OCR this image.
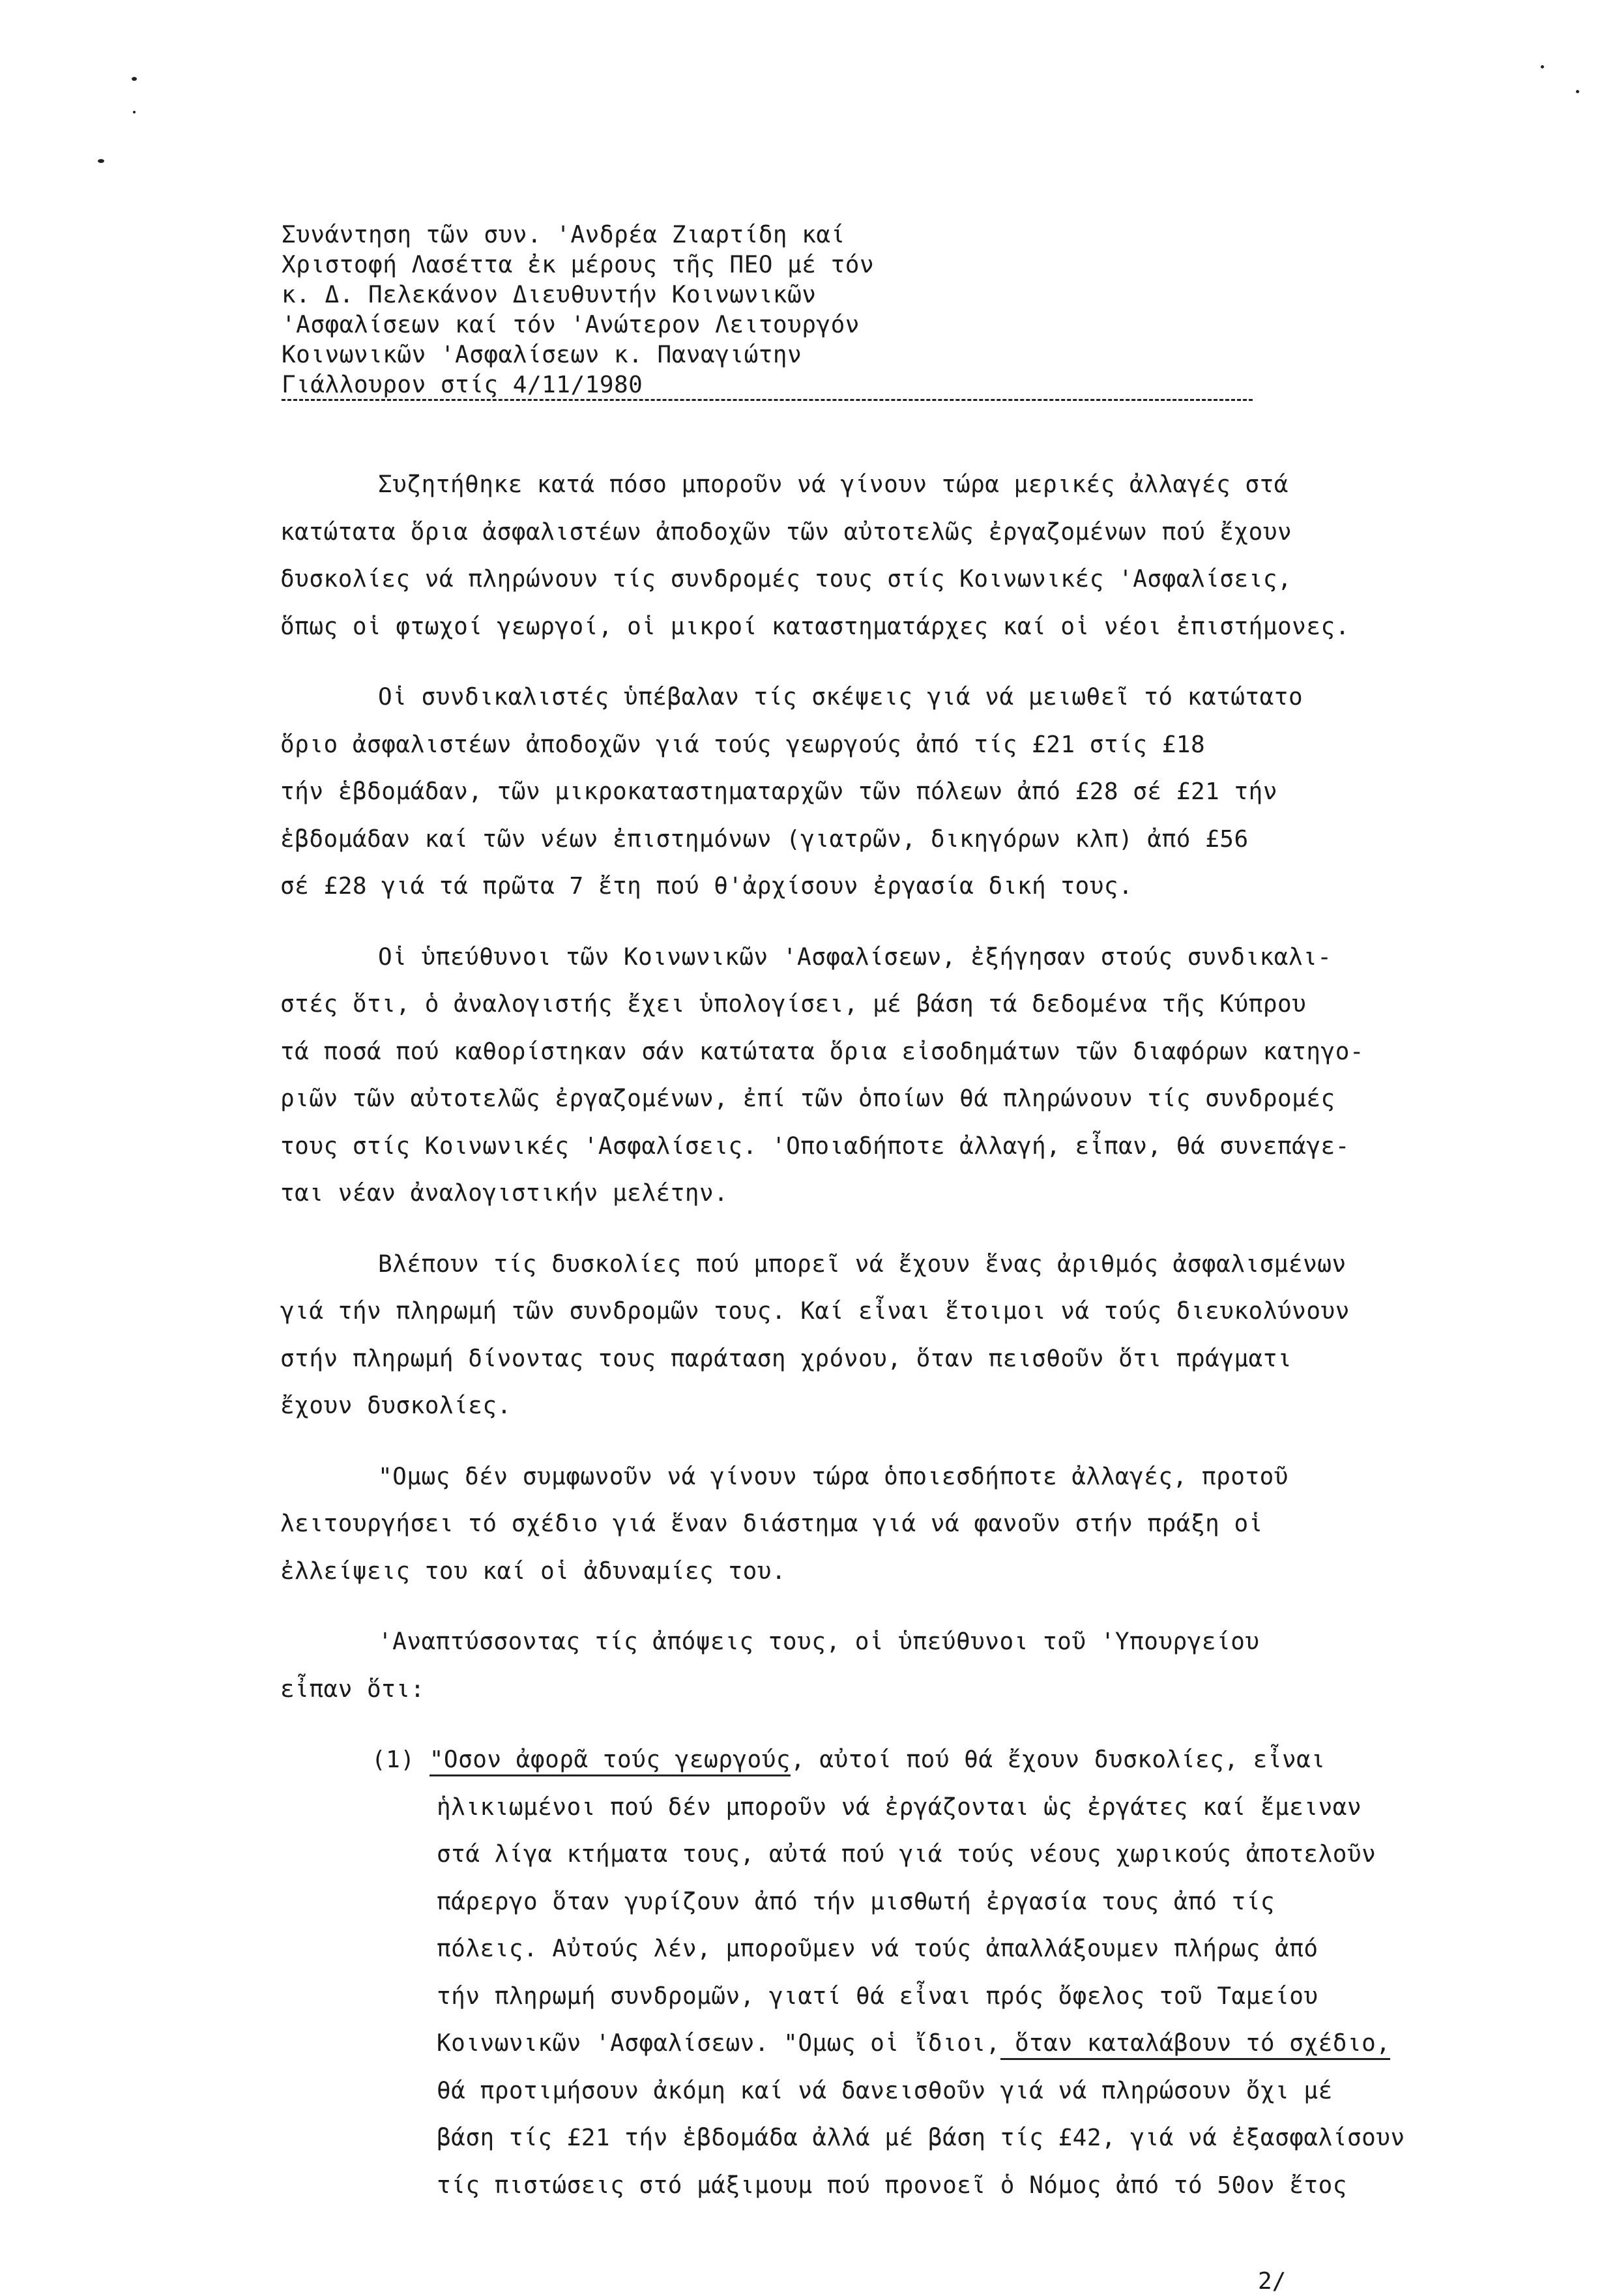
Συνάντηση τῶν συν. 'Ανδρέα Ζιαρτίδη καί
Χριστοφή Λασέττα ἐκ μέρους τῆς ΠΕΟ μέ τόν
κ. Δ. Πελεκάνον Διευθυντήν Κοινωνικῶν
'Ασφαλίσεων καί τόν 'Ανώτερον Λειτουργόν
Κοινωνικῶν 'Ασφαλίσεων κ. Παναγιώτην
Γιάλλουρον στίς 4/11/1980
Συζητήθηκε κατά πόσο μποροῦν νά γίνουν τώρα μερικές ἀλλαγές στά
κατώτατα ὅρια ἀσφαλιστέων ἀποδοχῶν τῶν αὐτοτελῶς ἐργαζομένων πού ἔχουν
δυσκολίες νά πληρώνουν τίς συνδρομές τους στίς Κοινωνικές 'Ασφαλίσεις,
ὅπως οἱ φτωχοί γεωργοί, οἱ μικροί καταστηματάρχες καί οἱ νέοι ἐπιστήμονες.
Οἱ συνδικαλιστές ὑπέβαλαν τίς σκέψεις γιά νά μειωθεῖ τό κατώτατο
ὅριο ἀσφαλιστέων ἀποδοχῶν γιά τούς γεωργούς ἀπό τίς £21 στίς £18
τήν ἑβδομάδαν, τῶν μικροκαταστηματαρχῶν τῶν πόλεων ἀπό £28 σέ £21 τήν
ἑβδομάδαν καί τῶν νέων ἐπιστημόνων (γιατρῶν, δικηγόρων κλπ) ἀπό £56
σέ £28 γιά τά πρῶτα 7 ἔτη πού θ'ἀρχίσουν ἐργασία δική τους.
Οἱ ὑπεύθυνοι τῶν Κοινωνικῶν 'Ασφαλίσεων, ἐξήγησαν στούς συνδικαλι-
στές ὅτι, ὁ ἀναλογιστής ἔχει ὑπολογίσει, μέ βάση τά δεδομένα τῆς Κύπρου
τά ποσά πού καθορίστηκαν σάν κατώτατα ὅρια εἰσοδημάτων τῶν διαφόρων κατηγο-
ριῶν τῶν αὐτοτελῶς ἐργαζομένων, ἐπί τῶν ὁποίων θά πληρώνουν τίς συνδρομές
τους στίς Κοινωνικές 'Ασφαλίσεις. 'Οποιαδήποτε ἀλλαγή, εἶπαν, θά συνεπάγε-
ται νέαν ἀναλογιστικήν μελέτην.
Βλέπουν τίς δυσκολίες πού μπορεῖ νά ἔχουν ἕνας ἀριθμός ἀσφαλισμένων
γιά τήν πληρωμή τῶν συνδρομῶν τους. Καί εἶναι ἕτοιμοι νά τούς διευκολύνουν
στήν πληρωμή δίνοντας τους παράταση χρόνου, ὅταν πεισθοῦν ὅτι πράγματι
ἔχουν δυσκολίες.
"Ομως δέν συμφωνοῦν νά γίνουν τώρα ὁποιεσδήποτε ἀλλαγές, προτοῦ
λειτουργήσει τό σχέδιο γιά ἕναν διάστημα γιά νά φανοῦν στήν πράξη οἱ
ἐλλείψεις του καί οἱ ἀδυναμίες του.
'Αναπτύσσοντας τίς ἀπόψεις τους, οἱ ὑπεύθυνοι τοῦ 'Υπουργείου
εἶπαν ὅτι:
(1) "Οσον ἀφορᾶ τούς γεωργούς, αὐτοί πού θά ἔχουν δυσκολίες, εἶναι
ἡλικιωμένοι πού δέν μποροῦν νά ἐργάζονται ὡς ἐργάτες καί ἔμειναν
στά λίγα κτήματα τους, αὐτά πού γιά τούς νέους χωρικούς ἀποτελοῦν
πάρεργο ὅταν γυρίζουν ἀπό τήν μισθωτή ἐργασία τους ἀπό τίς
πόλεις. Αὐτούς λέν, μποροῦμεν νά τούς ἀπαλλάξουμεν πλήρως ἀπό
τήν πληρωμή συνδρομῶν, γιατί θά εἶναι πρός ὄφελος τοῦ Ταμείου
Κοινωνικῶν 'Ασφαλίσεων. "Ομως οἱ ἴδιοι, ὅταν καταλάβουν τό σχέδιο,
θά προτιμήσουν ἀκόμη καί νά δανεισθοῦν γιά νά πληρώσουν ὄχι μέ
βάση τίς £21 τήν ἑβδομάδα ἀλλά μέ βάση τίς £42, γιά νά ἐξασφαλίσουν
τίς πιστώσεις στό μάξιμουμ πού προνοεῖ ὁ Νόμος ἀπό τό 50ον ἔτος
2/
